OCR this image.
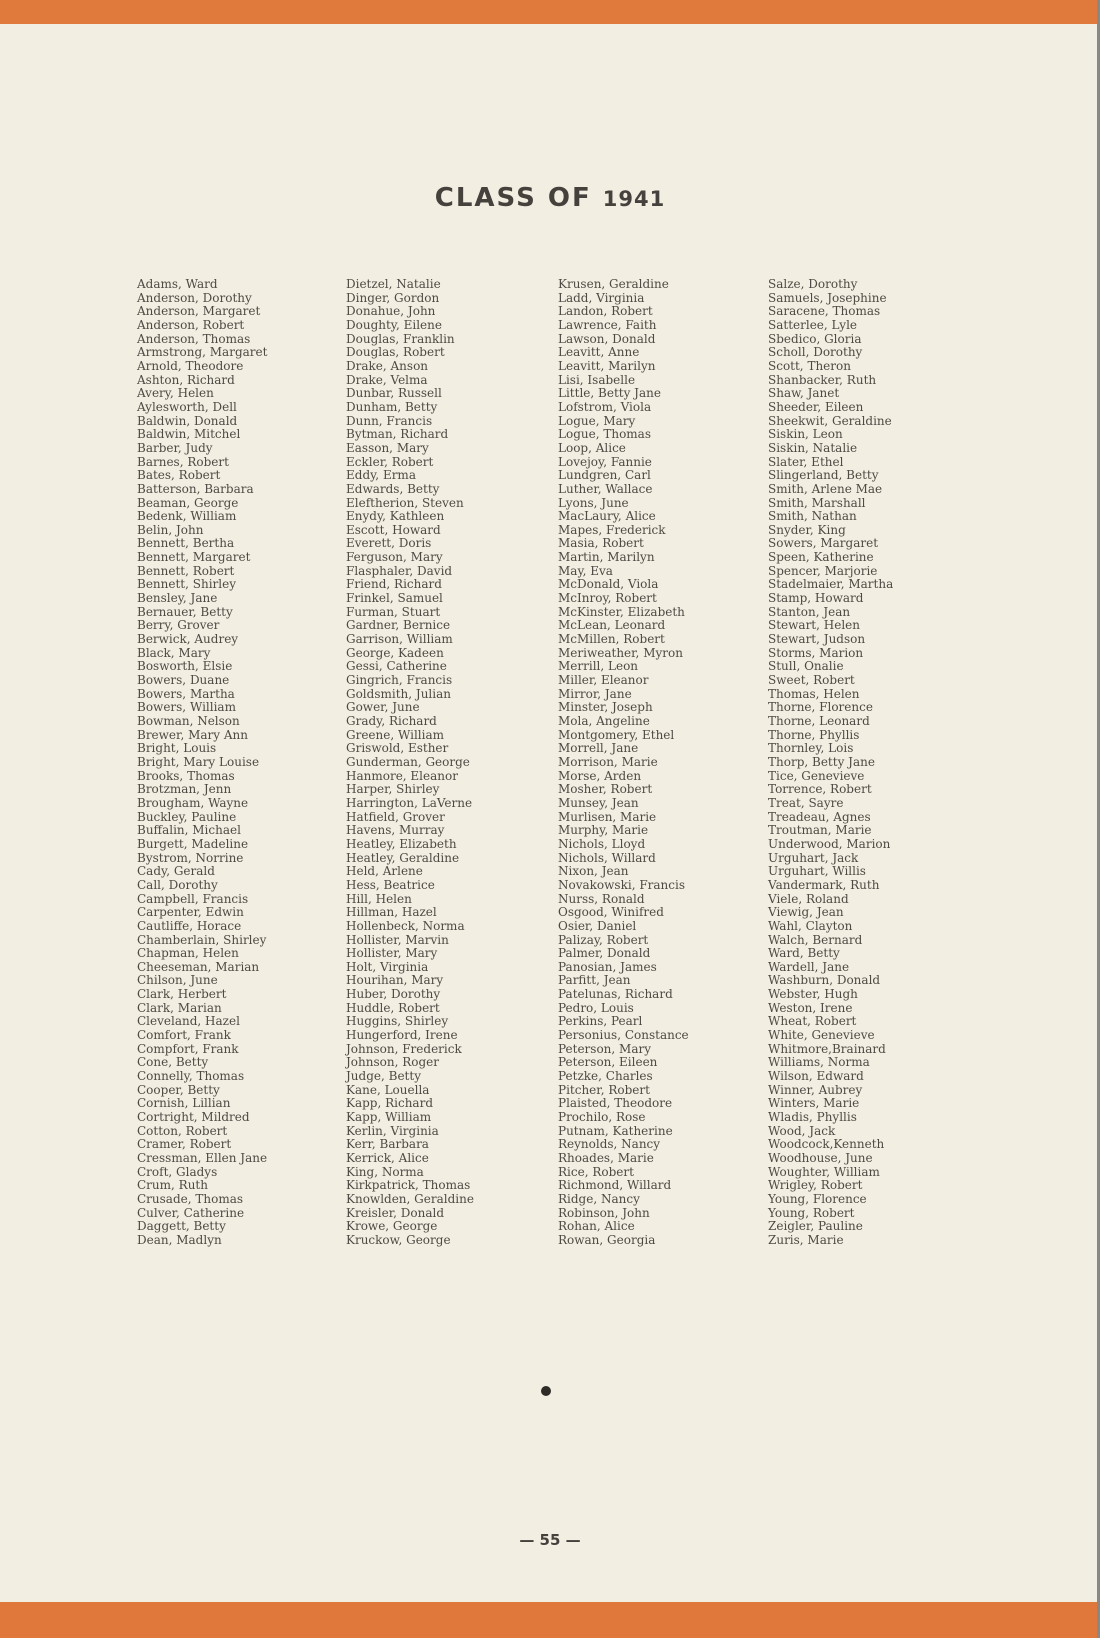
CLASS OF 1941
Adams, Ward
Anderson, Dorothy
Anderson, Margaret
Anderson, Robert
Anderson, Thomas
Armstrong, Margaret
Arnold, Theodore
Ashton, Richard
Avery, Helen
Aylesworth, Dell
Baldwin, Donald
Baldwin, Mitchel
Barber, Judy
Barnes, Robert
Bates, Robert
Batterson, Barbara
Beaman, George
Bedenk, William
Belin, John
Bennett, Bertha
Bennett, Margaret
Bennett, Robert
Bennett, Shirley
Bensley, Jane
Bernauer, Betty
Berry, Grover
Berwick, Audrey
Black, Mary
Bosworth, Elsie
Bowers, Duane
Bowers, Martha
Bowers, William
Bowman, Nelson
Brewer, Mary Ann
Bright, Louis
Bright, Mary Louise
Brooks, Thomas
Brotzman, Jenn
Brougham, Wayne
Buckley, Pauline
Buffalin, Michael
Burgett, Madeline
Bystrom, Norrine
Cady, Gerald
Call, Dorothy
Campbell, Francis
Carpenter, Edwin
Cautliffe, Horace
Chamberlain, Shirley
Chapman, Helen
Cheeseman, Marian
Chilson, June
Clark, Herbert
Clark, Marian
Cleveland, Hazel
Comfort, Frank
Compfort, Frank
Cone, Betty
Connelly, Thomas
Cooper, Betty
Cornish, Lillian
Cortright, Mildred
Cotton, Robert
Cramer, Robert
Cressman, Ellen Jane
Croft, Gladys
Crum, Ruth
Crusade, Thomas
Culver, Catherine
Daggett, Betty
Dean, Madlyn
Dietzel, Natalie
Dinger, Gordon
Donahue, John
Doughty, Eilene
Douglas, Franklin
Douglas, Robert
Drake, Anson
Drake, Velma
Dunbar, Russell
Dunham, Betty
Dunn, Francis
Bytman, Richard
Easson, Mary
Eckler, Robert
Eddy, Erma
Edwards, Betty
Eleftherion, Steven
Enydy, Kathleen
Escott, Howard
Everett, Doris
Ferguson, Mary
Flasphaler, David
Friend, Richard
Frinkel, Samuel
Furman, Stuart
Gardner, Bernice
Garrison, William
George, Kadeen
Gessi, Catherine
Gingrich, Francis
Goldsmith, Julian
Gower, June
Grady, Richard
Greene, William
Griswold, Esther
Gunderman, George
Hanmore, Eleanor
Harper, Shirley
Harrington, LaVerne
Hatfield, Grover
Havens, Murray
Heatley, Elizabeth
Heatley, Geraldine
Held, Arlene
Hess, Beatrice
Hill, Helen
Hillman, Hazel
Hollenbeck, Norma
Hollister, Marvin
Hollister, Mary
Holt, Virginia
Hourihan, Mary
Huber, Dorothy
Huddle, Robert
Huggins, Shirley
Hungerford, Irene
Johnson, Frederick
Johnson, Roger
Judge, Betty
Kane, Louella
Kapp, Richard
Kapp, William
Kerlin, Virginia
Kerr, Barbara
Kerrick, Alice
King, Norma
Kirkpatrick, Thomas
Knowlden, Geraldine
Kreisler, Donald
Krowe, George
Kruckow, George
Krusen, Geraldine
Ladd, Virginia
Landon, Robert
Lawrence, Faith
Lawson, Donald
Leavitt, Anne
Leavitt, Marilyn
Lisi, Isabelle
Little, Betty Jane
Lofstrom, Viola
Logue, Mary
Logue, Thomas
Loop, Alice
Lovejoy, Fannie
Lundgren, Carl
Luther, Wallace
Lyons, June
MacLaury, Alice
Mapes, Frederick
Masia, Robert
Martin, Marilyn
May, Eva
McDonald, Viola
McInroy, Robert
McKinster, Elizabeth
McLean, Leonard
McMillen, Robert
Meriweather, Myron
Merrill, Leon
Miller, Eleanor
Mirror, Jane
Minster, Joseph
Mola, Angeline
Montgomery, Ethel
Morrell, Jane
Morrison, Marie
Morse, Arden
Mosher, Robert
Munsey, Jean
Murlisen, Marie
Murphy, Marie
Nichols, Lloyd
Nichols, Willard
Nixon, Jean
Novakowski, Francis
Nurss, Ronald
Osgood, Winifred
Osier, Daniel
Palizay, Robert
Palmer, Donald
Panosian, James
Parfitt, Jean
Patelunas, Richard
Pedro, Louis
Perkins, Pearl
Personius, Constance
Peterson, Mary
Peterson, Eileen
Petzke, Charles
Pitcher, Robert
Plaisted, Theodore
Prochilo, Rose
Putnam, Katherine
Reynolds, Nancy
Rhoades, Marie
Rice, Robert
Richmond, Willard
Ridge, Nancy
Robinson, John
Rohan, Alice
Rowan, Georgia
Salze, Dorothy
Samuels, Josephine
Saracene, Thomas
Satterlee, Lyle
Sbedico, Gloria
Scholl, Dorothy
Scott, Theron
Shanbacker, Ruth
Shaw, Janet
Sheeder, Eileen
Sheekwit, Geraldine
Siskin, Leon
Siskin, Natalie
Slater, Ethel
Slingerland, Betty
Smith, Arlene Mae
Smith, Marshall
Smith, Nathan
Snyder, King
Sowers, Margaret
Speen, Katherine
Spencer, Marjorie
Stadelmaier, Martha
Stamp, Howard
Stanton, Jean
Stewart, Helen
Stewart, Judson
Storms, Marion
Stull, Onalie
Sweet, Robert
Thomas, Helen
Thorne, Florence
Thorne, Leonard
Thorne, Phyllis
Thornley, Lois
Thorp, Betty Jane
Tice, Genevieve
Torrence, Robert
Treat, Sayre
Treadeau, Agnes
Troutman, Marie
Underwood, Marion
Urguhart, Jack
Urguhart, Willis
Vandermark, Ruth
Viele, Roland
Viewig, Jean
Wahl, Clayton
Walch, Bernard
Ward, Betty
Wardell, Jane
Washburn, Donald
Webster, Hugh
Weston, Irene
Wheat, Robert
White, Genevieve
Whitmore,Brainard
Williams, Norma
Wilson, Edward
Winner, Aubrey
Winters, Marie
Wladis, Phyllis
Wood, Jack
Woodcock,Kenneth
Woodhouse, June
Woughter, William
Wrigley, Robert
Young, Florence
Young, Robert
Zeigler, Pauline
Zuris, Marie
— 55 —
